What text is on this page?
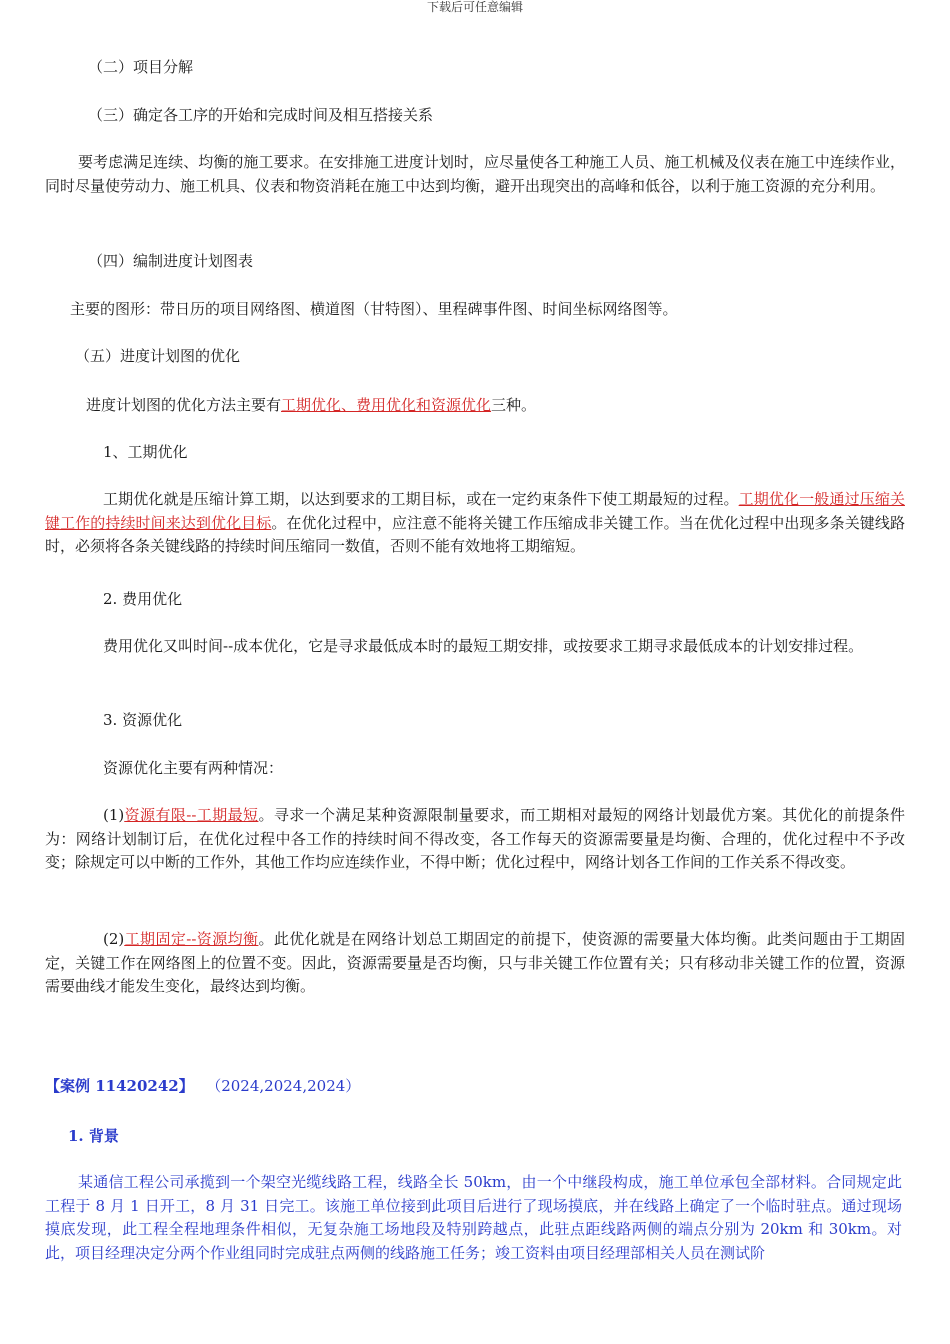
下载后可任意编辑
（二）项目分解
（三）确定各工序的开始和完成时间及相互搭接关系
要考虑满足连续、均衡的施工要求。在安排施工进度计划时，应尽量使各工种施工人员、施工机械及仪表在施工中连续作业，同时尽量使劳动力、施工机具、仪表和物资消耗在施工中达到均衡，避开出现突出的高峰和低谷，以利于施工资源的充分利用。
（四）编制进度计划图表
主要的图形：带日历的项目网络图、横道图（甘特图）、里程碑事件图、时间坐标网络图等。
（五）进度计划图的优化
进度计划图的优化方法主要有工期优化、费用优化和资源优化三种。
1、工期优化
工期优化就是压缩计算工期，以达到要求的工期目标，或在一定约束条件下使工期最短的过程。工期优化一般通过压缩关键工作的持续时间来达到优化目标。在优化过程中，应注意不能将关键工作压缩成非关键工作。当在优化过程中出现多条关键线路时，必须将各条关键线路的持续时间压缩同一数值，否则不能有效地将工期缩短。
2. 费用优化
费用优化又叫时间--成本优化，它是寻求最低成本时的最短工期安排，或按要求工期寻求最低成本的计划安排过程。
3. 资源优化
资源优化主要有两种情况：
(1)资源有限--工期最短。寻求一个满足某种资源限制量要求，而工期相对最短的网络计划最优方案。其优化的前提条件为：网络计划制订后，在优化过程中各工作的持续时间不得改变，各工作每天的资源需要量是均衡、合理的，优化过程中不予改变；除规定可以中断的工作外，其他工作均应连续作业，不得中断；优化过程中，网络计划各工作间的工作关系不得改变。
(2)工期固定--资源均衡。此优化就是在网络计划总工期固定的前提下，使资源的需要量大体均衡。此类问题由于工期固定，关键工作在网络图上的位置不变。因此，资源需要量是否均衡，只与非关键工作位置有关；只有移动非关键工作的位置，资源需要曲线才能发生变化，最终达到均衡。
【案例 11420242】 （2024,2024,2024）
1. 背景
某通信工程公司承揽到一个架空光缆线路工程，线路全长 50km，由一个中继段构成，施工单位承包全部材料。合同规定此工程于 8 月 1 日开工，8 月 31 日完工。该施工单位接到此项目后进行了现场摸底，并在线路上确定了一个临时驻点。通过现场摸底发现，此工程全程地理条件相似，无复杂施工场地段及特别跨越点，此驻点距线路两侧的端点分别为 20km 和 30km。对此，项目经理决定分两个作业组同时完成驻点两侧的线路施工任务；竣工资料由项目经理部相关人员在测试阶
